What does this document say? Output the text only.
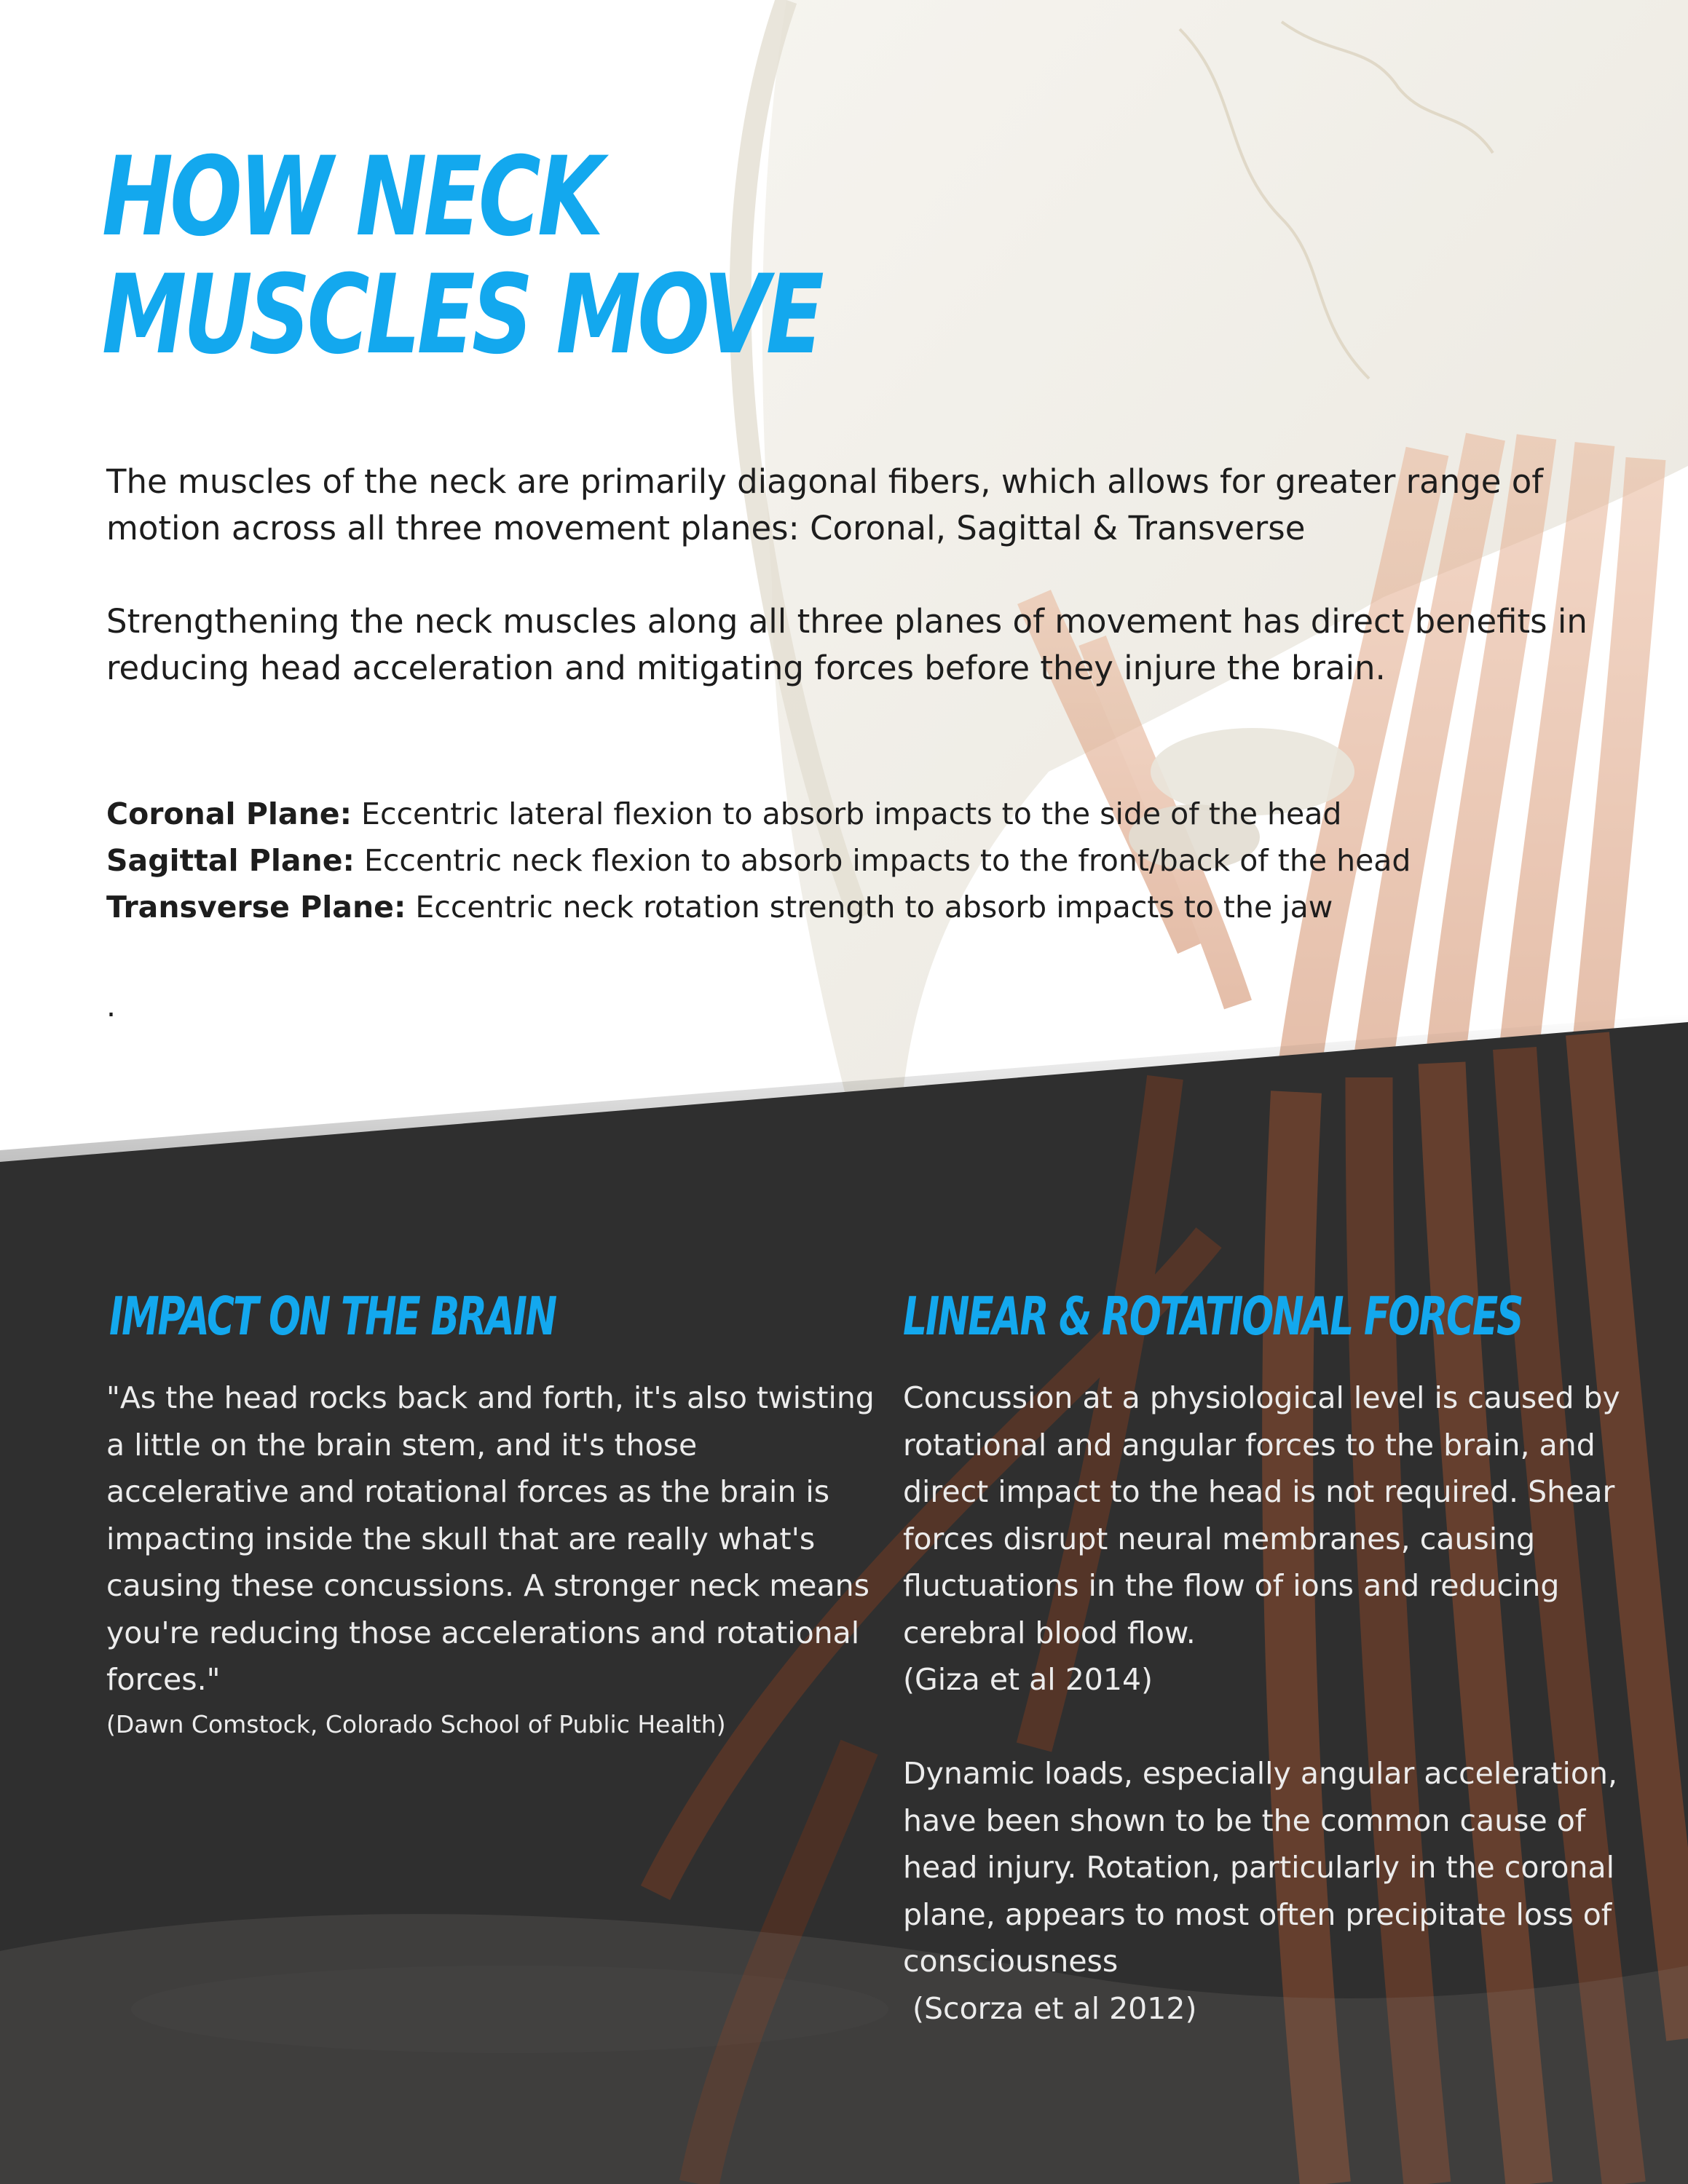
HOW NECK
MUSCLES MOVE

The muscles of the neck are primarily diagonal fibers, which allows for greater range of motion across all three movement planes: Coronal, Sagittal & Transverse

Strengthening the neck muscles along all three planes of movement has direct benefits in reducing head acceleration and mitigating forces before they injure the brain.

Coronal Plane: Eccentric lateral flexion to absorb impacts to the side of the head
Sagittal Plane: Eccentric neck flexion to absorb impacts to the front/back of the head
Transverse Plane: Eccentric neck rotation strength to absorb impacts to the jaw
.
IMPACT ON THE BRAIN	LINEAR & ROTATIONAL FORCES

"As the head rocks back and forth, it's also twisting a little on the brain stem, and it's those accelerative and rotational forces as the brain is impacting inside the skull that are really what's causing these concussions. A stronger neck means you're reducing those accelerations and rotational forces."

(Dawn Comstock, Colorado School of Public Health)

Concussion at a physiological level is caused by rotational and angular forces to the brain, and direct impact to the head is not required. Shear forces disrupt neural membranes, causing fluctuations in the flow of ions and reducing cerebral blood flow.

(Giza et al 2014)

Dynamic loads, especially angular acceleration, have been shown to be the common cause of head injury. Rotation, particularly in the coronal plane, appears to most often precipitate loss of consciousness

(Scorza et al 2012)
